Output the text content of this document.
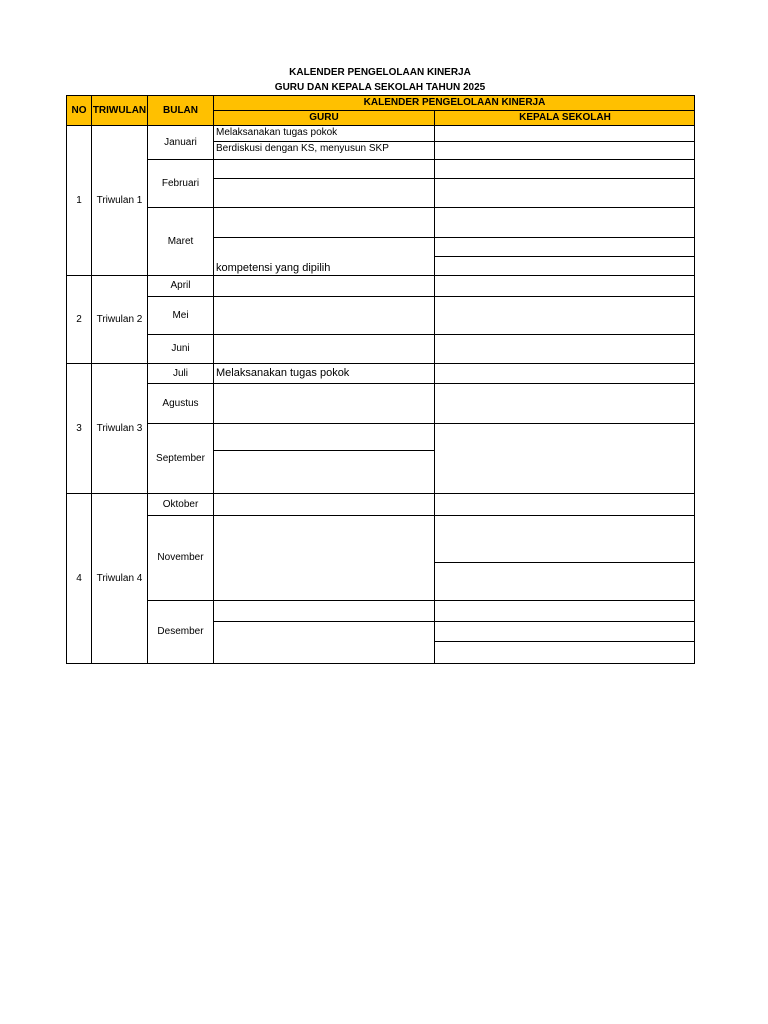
KALENDER PENGELOLAAN KINERJA
GURU DAN KEPALA SEKOLAH TAHUN 2025
NO TRIWULAN	BULAN
KALENDER PENGELOLAAN KINERJA
GURU	KEPALA SEKOLAH
1
2
3
4
Triwulan 1
Triwulan 2
Triwulan 3
Triwulan 4
Januari
Februari
Maret
April
Mei
Juni
Juli
Agustus
September
Oktober
November
Desember
Melaksanakan tugas pokok
Berdiskusi dengan KS, menyusun SKP
kompetensi yang dipilih
Melaksanakan tugas pokok
